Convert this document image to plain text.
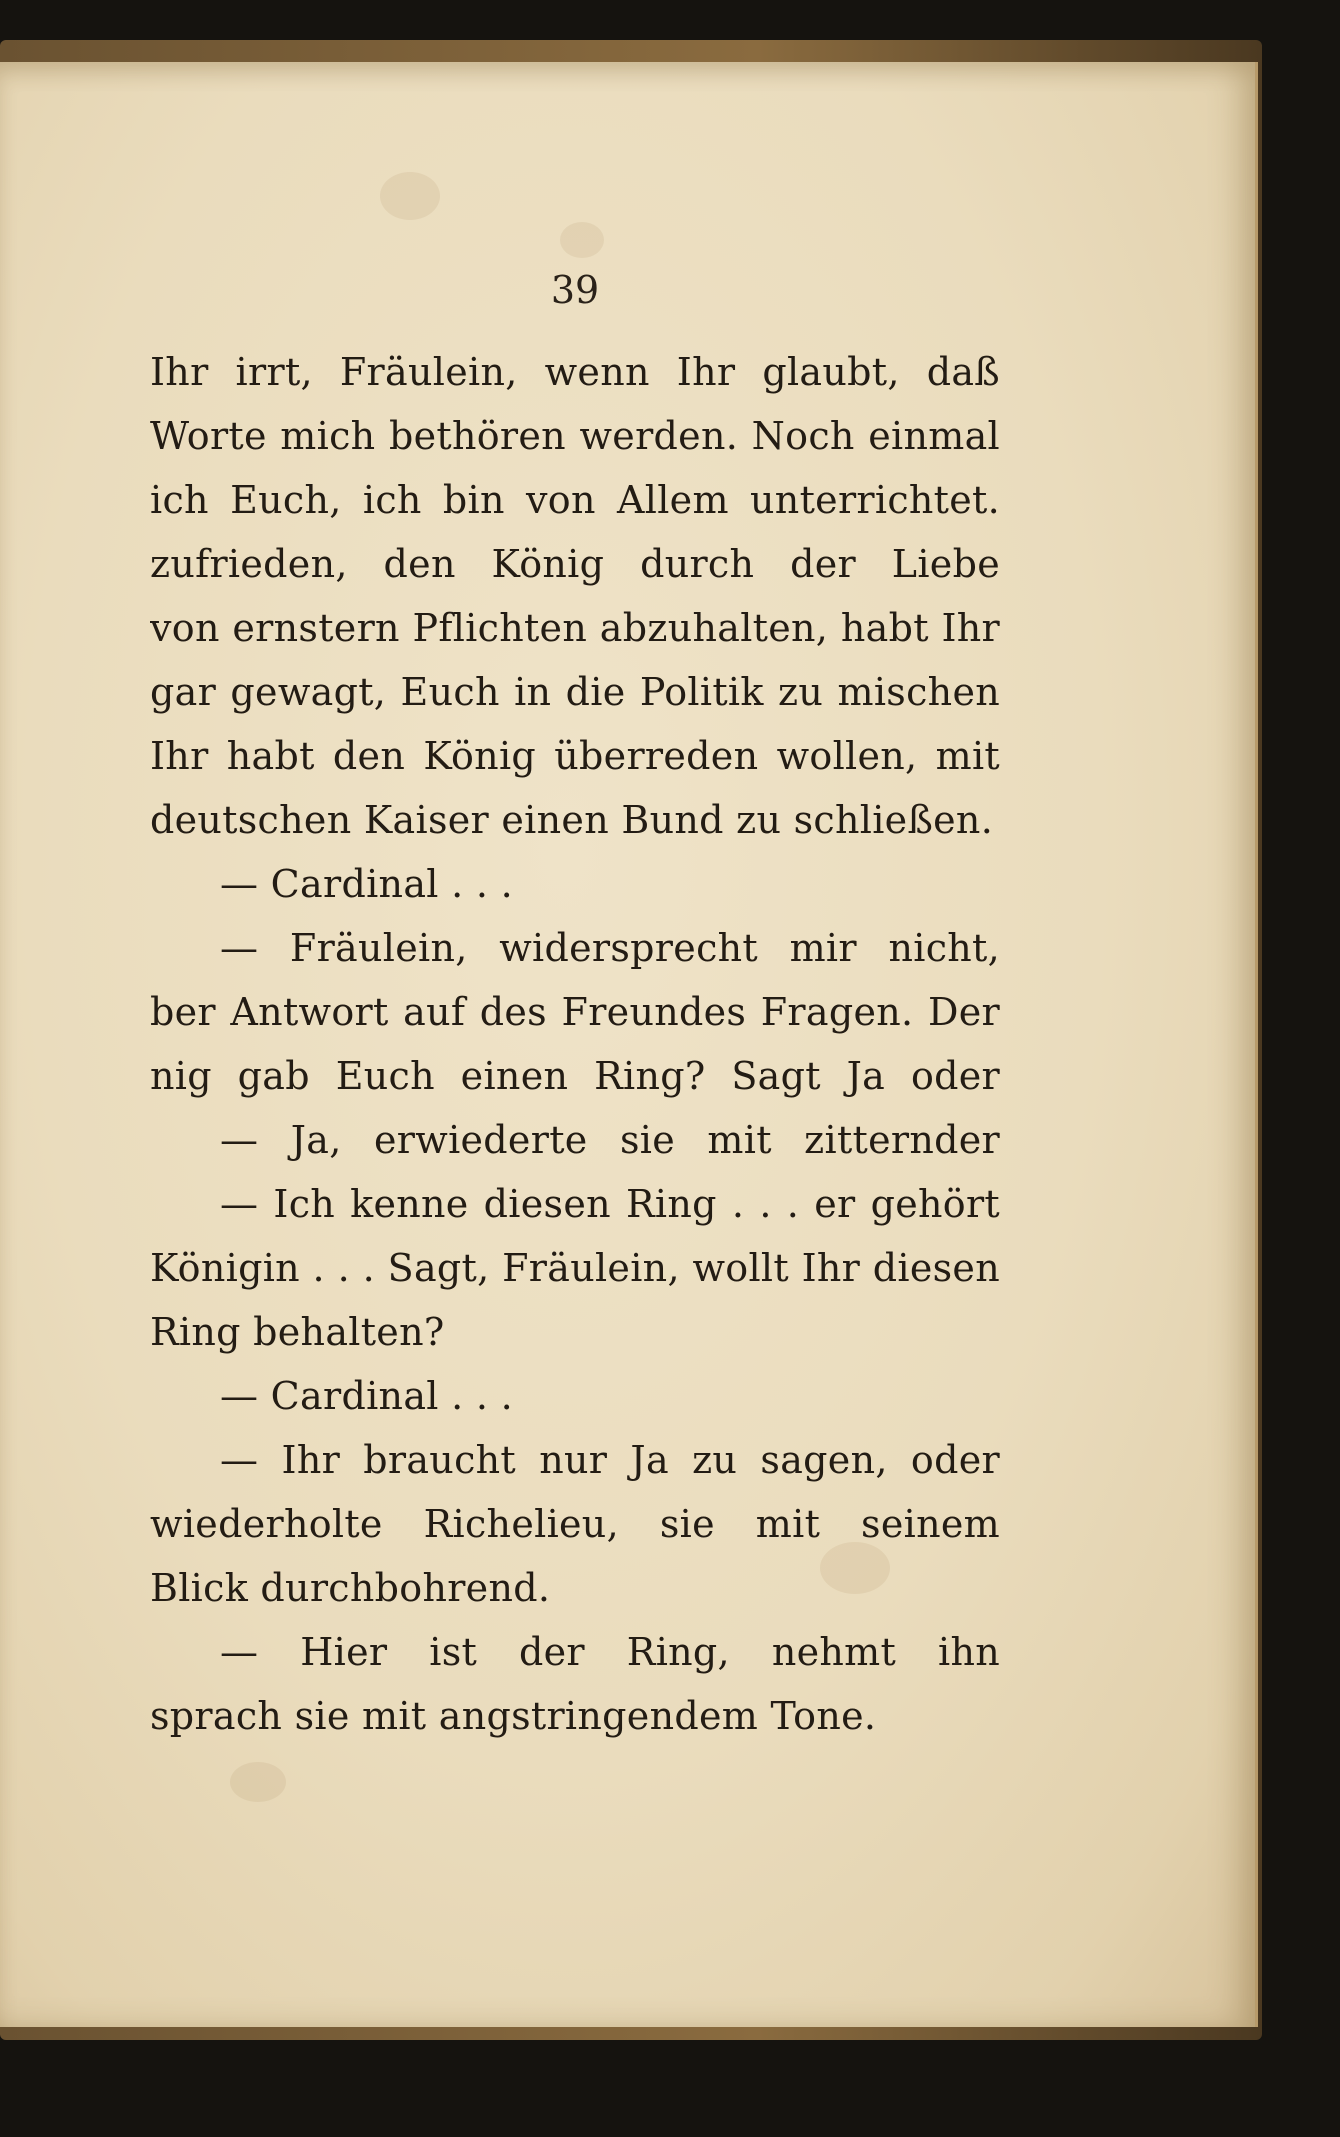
39
Ihr irrt, Fräulein, wenn Ihr glaubt, daß
Worte mich bethören werden. Noch einmal
ich Euch, ich bin von Allem unterrichtet.
zufrieden, den König durch der Liebe
von ernstern Pflichten abzuhalten, habt Ihr
gar gewagt, Euch in die Politik zu mischen
Ihr habt den König überreden wollen, mit
deutschen Kaiser einen Bund zu schließen.
— Cardinal . . .
— Fräulein, widersprecht mir nicht,
ber Antwort auf des Freundes Fragen. Der
nig gab Euch einen Ring? Sagt Ja oder
— Ja, erwiederte sie mit zitternder
— Ich kenne diesen Ring . . . er gehört
Königin . . . Sagt, Fräulein, wollt Ihr diesen
Ring behalten?
— Cardinal . . .
— Ihr braucht nur Ja zu sagen, oder
wiederholte Richelieu, sie mit seinem
Blick durchbohrend.
— Hier ist der Ring, nehmt ihn
sprach sie mit angstringendem Tone.
